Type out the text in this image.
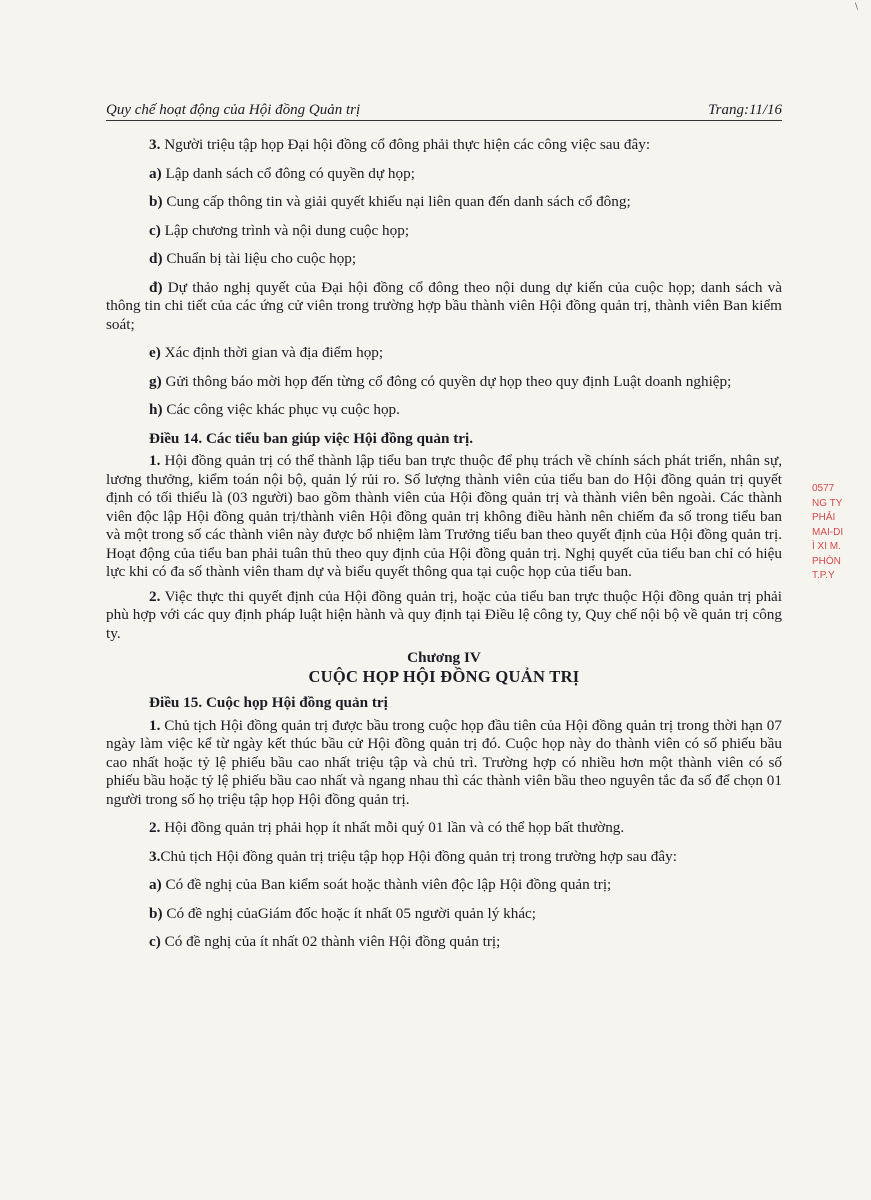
\
Quy chế hoạt động của Hội đồng Quản trị	Trang:11/16

3. Người triệu tập họp Đại hội đồng cổ đông phải thực hiện các công việc sau đây:

a) Lập danh sách cổ đông có quyền dự họp;

b) Cung cấp thông tin và giải quyết khiếu nại liên quan đến danh sách cổ đông;

c) Lập chương trình và nội dung cuộc họp;

d) Chuẩn bị tài liệu cho cuộc họp;

đ) Dự thảo nghị quyết của Đại hội đồng cổ đông theo nội dung dự kiến của cuộc họp; danh sách và thông tin chi tiết của các ứng cử viên trong trường hợp bầu thành viên Hội đồng quản trị, thành viên Ban kiểm soát;

e) Xác định thời gian và địa điểm họp;

g) Gửi thông báo mời họp đến từng cổ đông có quyền dự họp theo quy định Luật doanh nghiệp;

h) Các công việc khác phục vụ cuộc họp.

Điều 14. Các tiểu ban giúp việc Hội đồng quản trị.

1. Hội đồng quản trị có thể thành lập tiểu ban trực thuộc để phụ trách về chính sách phát triển, nhân sự, lương thưởng, kiểm toán nội bộ, quản lý rủi ro. Số lượng thành viên của tiểu ban do Hội đồng quản trị quyết định có tối thiểu là (03 người) bao gồm thành viên của Hội đồng quản trị và thành viên bên ngoài. Các thành viên độc lập Hội đồng quản trị/thành viên Hội đồng quản trị không điều hành nên chiếm đa số trong tiểu ban và một trong số các thành viên này được bổ nhiệm làm Trưởng tiểu ban theo quyết định của Hội đồng quản trị. Hoạt động của tiểu ban phải tuân thủ theo quy định của Hội đồng quản trị. Nghị quyết của tiểu ban chỉ có hiệu lực khi có đa số thành viên tham dự và biểu quyết thông qua tại cuộc họp của tiểu ban.

2. Việc thực thi quyết định của Hội đồng quản trị, hoặc của tiểu ban trực thuộc Hội đồng quản trị phải phù hợp với các quy định pháp luật hiện hành và quy định tại Điều lệ công ty, Quy chế nội bộ về quản trị công ty.

Chương IV
CUỘC HỌP HỘI ĐỒNG QUẢN TRỊ
Điều 15. Cuộc họp Hội đồng quản trị

1. Chủ tịch Hội đồng quản trị được bầu trong cuộc họp đầu tiên của Hội đồng quản trị trong thời hạn 07 ngày làm việc kể từ ngày kết thúc bầu cử Hội đồng quản trị đó. Cuộc họp này do thành viên có số phiếu bầu cao nhất hoặc tỷ lệ phiếu bầu cao nhất triệu tập và chủ trì. Trường hợp có nhiều hơn một thành viên có số phiếu bầu hoặc tỷ lệ phiếu bầu cao nhất và ngang nhau thì các thành viên bầu theo nguyên tắc đa số để chọn 01 người trong số họ triệu tập họp Hội đồng quản trị.

2. Hội đồng quản trị phải họp ít nhất mỗi quý 01 lần và có thể họp bất thường.

3.Chủ tịch Hội đồng quản trị triệu tập họp Hội đồng quản trị trong trường hợp sau đây:

a) Có đề nghị của Ban kiểm soát hoặc thành viên độc lập Hội đồng quản trị;

b) Có đề nghị củaGiám đốc hoặc ít nhất 05 người quản lý khác;

c) Có đề nghị của ít nhất 02 thành viên Hội đồng quản trị;

0577
NG TY
PHẢI
MAI-DI
Ì XI M.
PHÒN
T.P.Y
